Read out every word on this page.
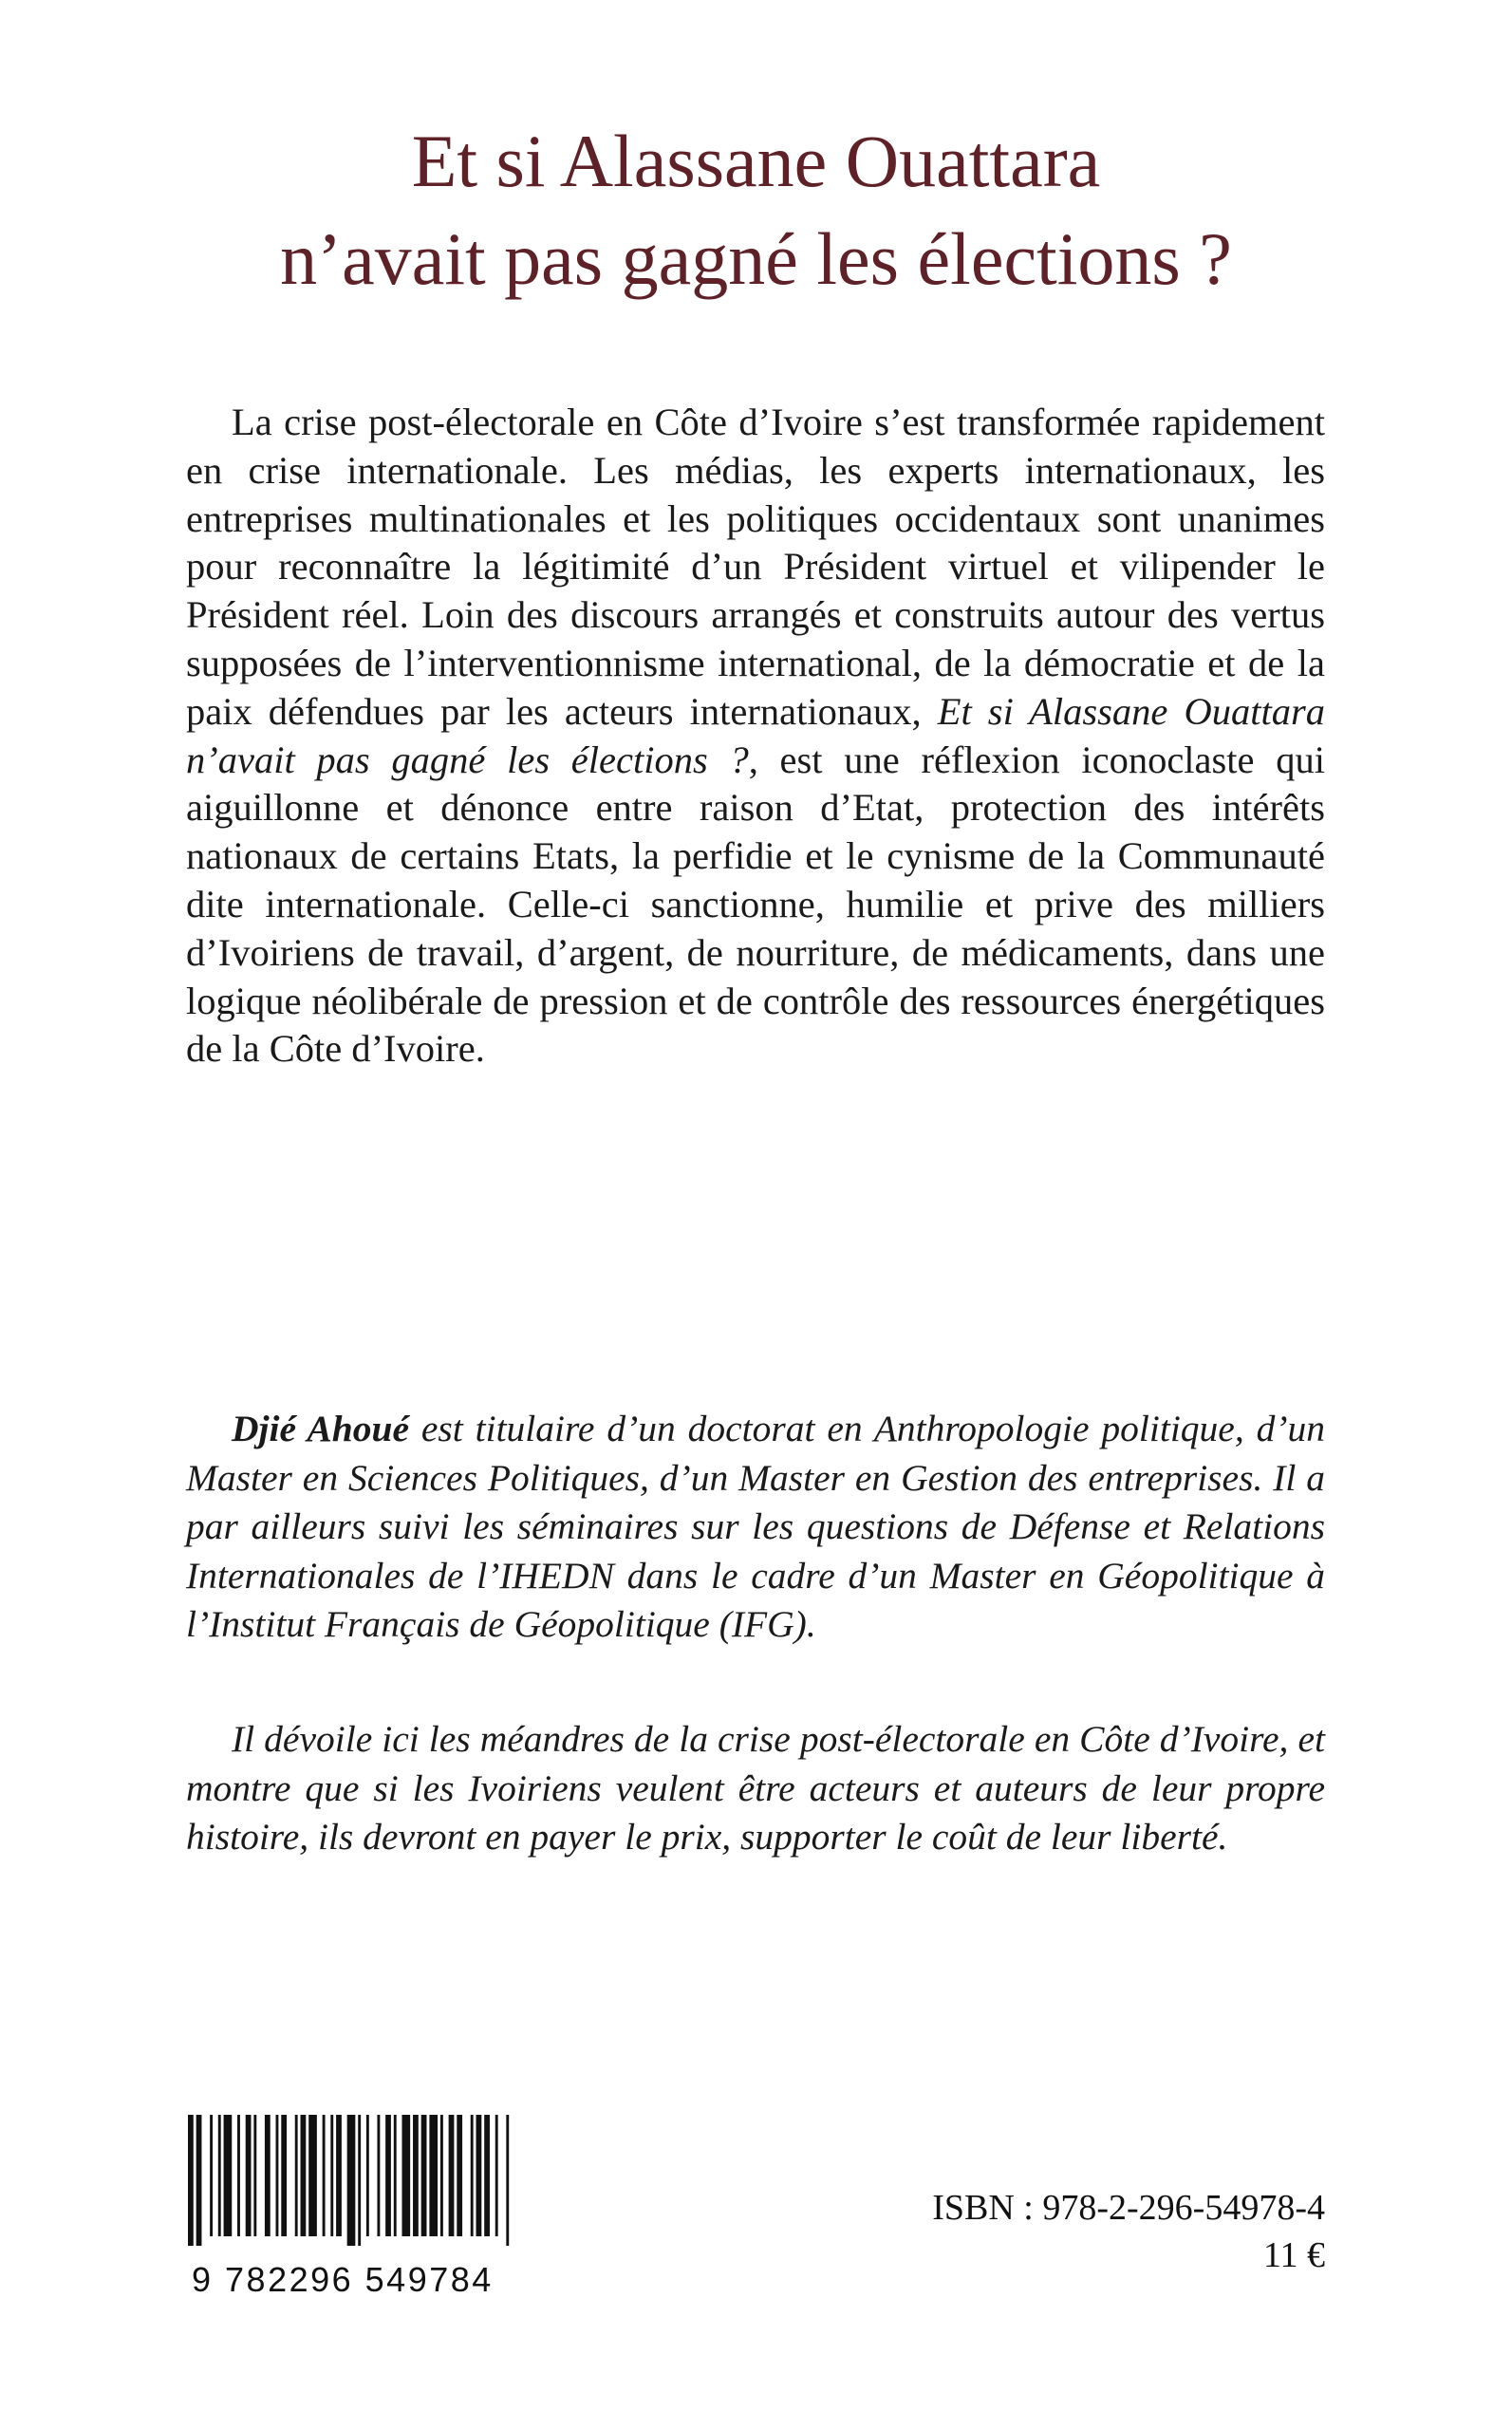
Et si Alassane Ouattara
n’avait pas gagné les élections ?

La crise post-électorale en Côte d’Ivoire s’est transformée rapidement en crise internationale. Les médias, les experts internationaux, les entreprises multinationales et les politiques occidentaux sont unanimes pour reconnaître la légitimité d’un Président virtuel et vilipender le Président réel. Loin des discours arrangés et construits autour des vertus supposées de l’interventionnisme international, de la démocratie et de la paix défendues par les acteurs internationaux, Et si Alassane Ouattara n’avait pas gagné les élections ?, est une réflexion iconoclaste qui aiguillonne et dénonce entre raison d’Etat, protection des intérêts nationaux de certains Etats, la perfidie et le cynisme de la Communauté dite internationale. Celle-ci sanctionne, humilie et prive des milliers d’Ivoiriens de travail, d’argent, de nourriture, de médicaments, dans une logique néolibérale de pression et de contrôle des ressources énergétiques de la Côte d’Ivoire.

Djié Ahoué est titulaire d’un doctorat en Anthropologie politique, d’un Master en Sciences Politiques, d’un Master en Gestion des entreprises. Il a par ailleurs suivi les séminaires sur les questions de Défense et Relations Internationales de l’IHEDN dans le cadre d’un Master en Géopolitique à l’Institut Français de Géopolitique (IFG).

Il dévoile ici les méandres de la crise post-électorale en Côte d’Ivoire, et montre que si les Ivoiriens veulent être acteurs et auteurs de leur propre histoire, ils devront en payer le prix, supporter le coût de leur liberté.

9 782296 549784
ISBN : 978-2-296-54978-4
11 €
